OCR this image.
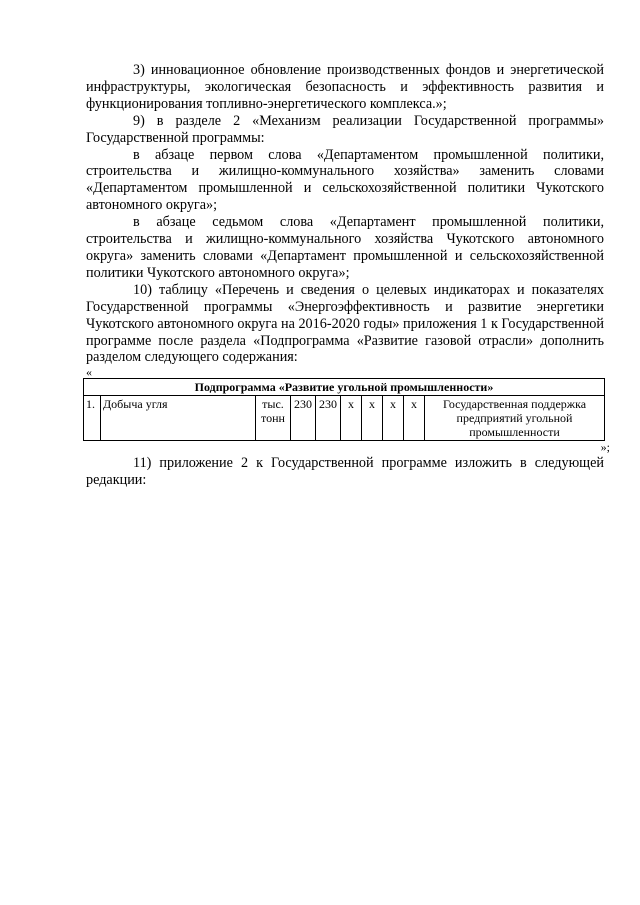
3) инновационное обновление производственных фондов и энергетической инфраструктуры, экологическая безопасность и эффективность развития и функционирования топливно-энергетического комплекса.»;

9) в разделе 2 «Механизм реализации Государственной программы» Государственной программы:

в абзаце первом слова «Департаментом промышленной политики, строительства и жилищно-коммунального хозяйства» заменить словами «Департаментом промышленной и сельскохозяйственной политики Чукотского автономного округа»;

в абзаце седьмом слова «Департамент промышленной политики, строительства и жилищно-коммунального хозяйства Чукотского автономного округа» заменить словами «Департамент промышленной и сельскохозяйственной политики Чукотского автономного округа»;

10) таблицу «Перечень и сведения о целевых индикаторах и показателях Государственной программы «Энергоэффективность и развитие энергетики Чукотского автономного округа на 2016-2020 годы» приложения 1 к Государственной программе после раздела «Подпрограмма «Развитие газовой отрасли» дополнить разделом следующего содержания:

«
Подпрограмма «Развитие угольной промышленности»
1.	Добыча угля	тыс. тонн	230	230	х	х	х	х	Государственная поддержка предприятий угольной промышленности
»;

11) приложение 2 к Государственной программе изложить в следующей редакции:
